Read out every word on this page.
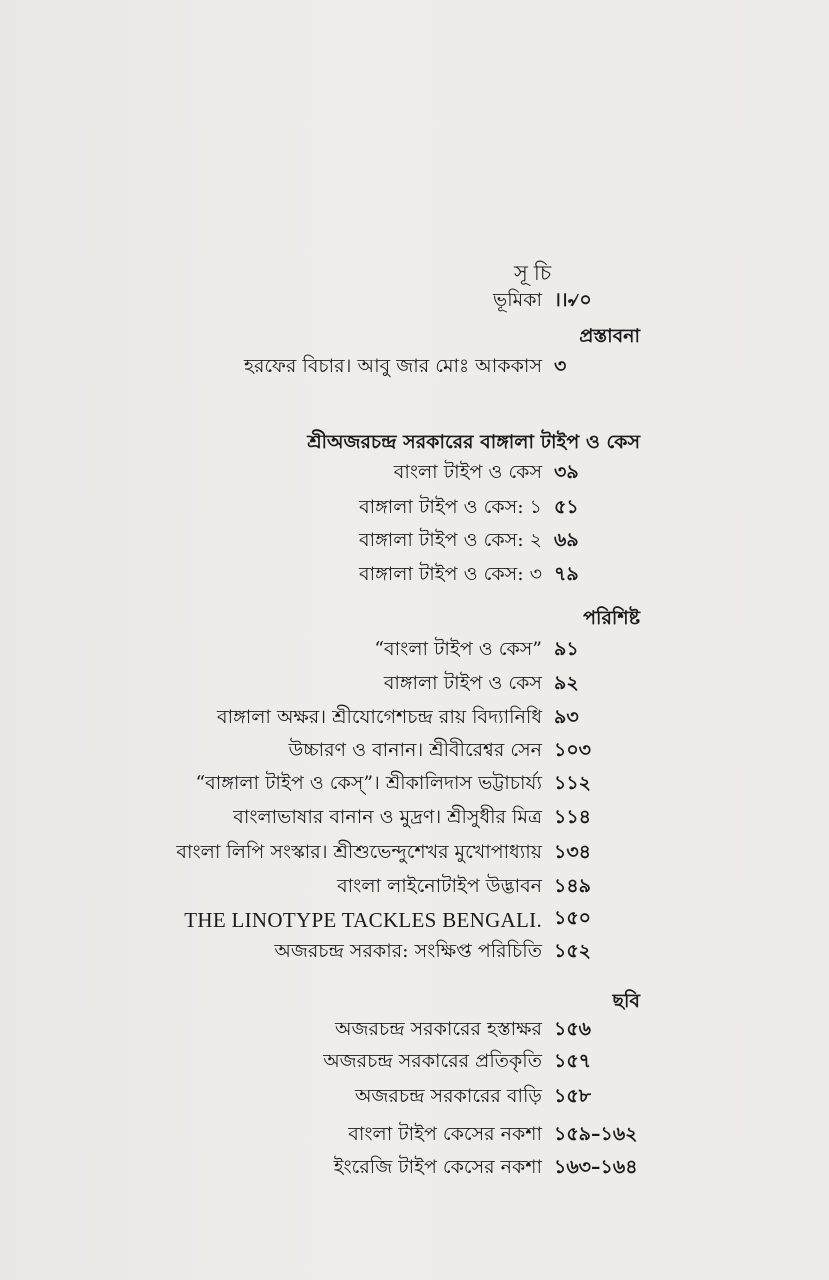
সূচি
ভূমিকা ।।৵০
প্রস্তাবনা
হরফের বিচার। আবু জার মোঃ আককাস ৩
শ্রীঅজরচন্দ্র সরকারের বাঙ্গালা টাইপ ও কেস
বাংলা টাইপ ও কেস ৩৯
বাঙ্গালা টাইপ ও কেস: ১ ৫১
বাঙ্গালা টাইপ ও কেস: ২ ৬৯
বাঙ্গালা টাইপ ও কেস: ৩ ৭৯
পরিশিষ্ট
“বাংলা টাইপ ও কেস” ৯১
বাঙ্গালা টাইপ ও কেস ৯২
বাঙ্গালা অক্ষর। শ্রীযোগেশচন্দ্র রায় বিদ্যানিধি ৯৩
উচ্চারণ ও বানান। শ্রীবীরেশ্বর সেন ১০৩
“বাঙ্গালা টাইপ ও কেস্”। শ্রীকালিদাস ভট্টাচার্য্য ১১২
বাংলাভাষার বানান ও মুদ্রণ। শ্রীসুধীর মিত্র ১১৪
বাংলা লিপি সংস্কার। শ্রীশুভেন্দুশেখর মুখোপাধ্যায় ১৩৪
বাংলা লাইনোটাইপ উদ্ভাবন ১৪৯
THE LINOTYPE TACKLES BENGALI. ১৫০
অজরচন্দ্র সরকার: সংক্ষিপ্ত পরিচিতি ১৫২
ছবি
অজরচন্দ্র সরকারের হস্তাক্ষর ১৫৬
অজরচন্দ্র সরকারের প্রতিকৃতি ১৫৭
অজরচন্দ্র সরকারের বাড়ি ১৫৮
বাংলা টাইপ কেসের নকশা ১৫৯–১৬২
ইংরেজি টাইপ কেসের নকশা ১৬৩–১৬৪
